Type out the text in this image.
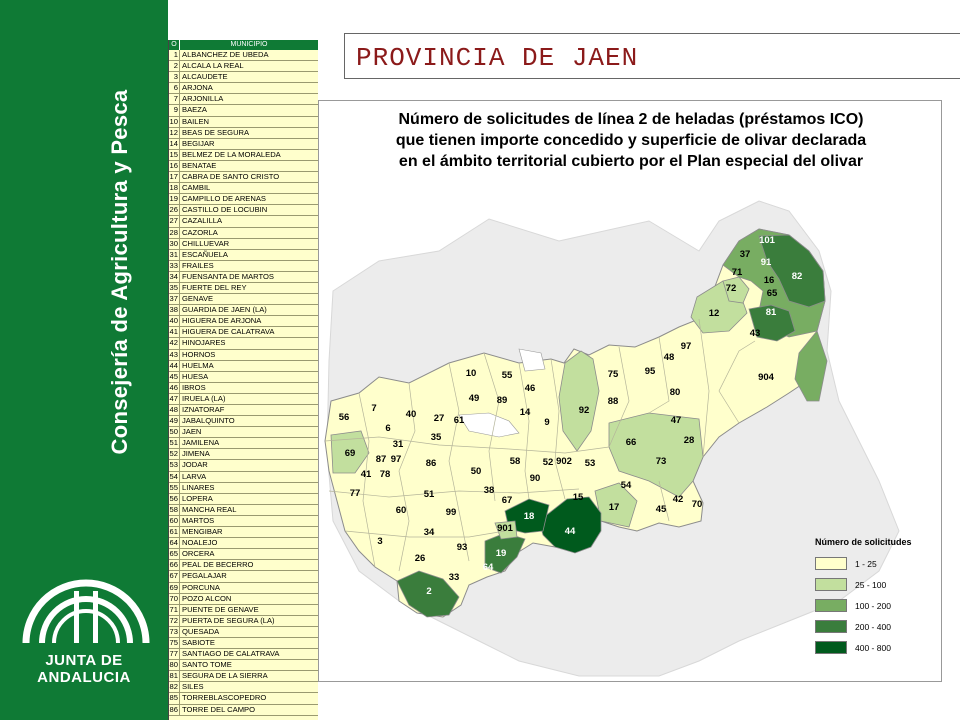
Consejería de Agricultura y Pesca
JUNTA DE ANDALUCIA
O	MUNICIPIO
1 ALBANCHEZ DE UBEDA
2 ALCALA LA REAL
3 ALCAUDETE
6 ARJONA
7 ARJONILLA
9 BAEZA
10 BAILEN
12 BEAS DE SEGURA
14 BEGIJAR
15 BELMEZ DE LA MORALEDA
16 BENATAE
17 CABRA DE SANTO CRISTO
18 CAMBIL
19 CAMPILLO DE ARENAS
26 CASTILLO DE LOCUBIN
27 CAZALILLA
28 CAZORLA
30 CHILLUEVAR
31 ESCAÑUELA
33 FRAILES
34 FUENSANTA DE MARTOS
35 FUERTE DEL REY
37 GENAVE
38 GUARDIA DE JAEN (LA)
40 HIGUERA DE ARJONA
41 HIGUERA DE CALATRAVA
42 HINOJARES
43 HORNOS
44 HUELMA
45 HUESA
46 IBROS
47 IRUELA (LA)
48 IZNATORAF
49 JABALQUINTO
50 JAEN
51 JAMILENA
52 JIMENA
53 JODAR
54 LARVA
55 LINARES
56 LOPERA
58 MANCHA REAL
60 MARTOS
61 MENGIBAR
64 NOALEJO
65 ORCERA
66 PEAL DE BECERRO
67 PEGALAJAR
69 PORCUNA
70 POZO ALCON
71 PUENTE DE GENAVE
72 PUERTA DE SEGURA (LA)
73 QUESADA
75 SABIOTE
77 SANTIAGO DE CALATRAVA
80 SANTO TOME
81 SEGURA DE LA SIERRA
82 SILES
85 TORREBLASCOPEDRO
86 TORRE DEL CAMPO
PROVINCIA DE JAEN
Número de solicitudes de línea 2 de heladas (préstamos ICO)
que tienen importe concedido y superficie de olivar declarada
en el ámbito territorial cubierto por el Plan especial del olivar
101
37
91
71	82
16
72	65
12	81
43
97
48
95
75	904
10	55
46	80
49	88
89
47
92
7
56	40 27 61
14
9
6
35	66	28
31
69
97
87	86	58 52 902 53	73
41 78	50
90
54
38
51
77	15
67	42 70
60	99	17	45
18
901	44
34
3
93
19
26
64
33
2
Número de solicitudes
1 - 25
25 - 100
100 - 200
200 - 400
400 - 800
